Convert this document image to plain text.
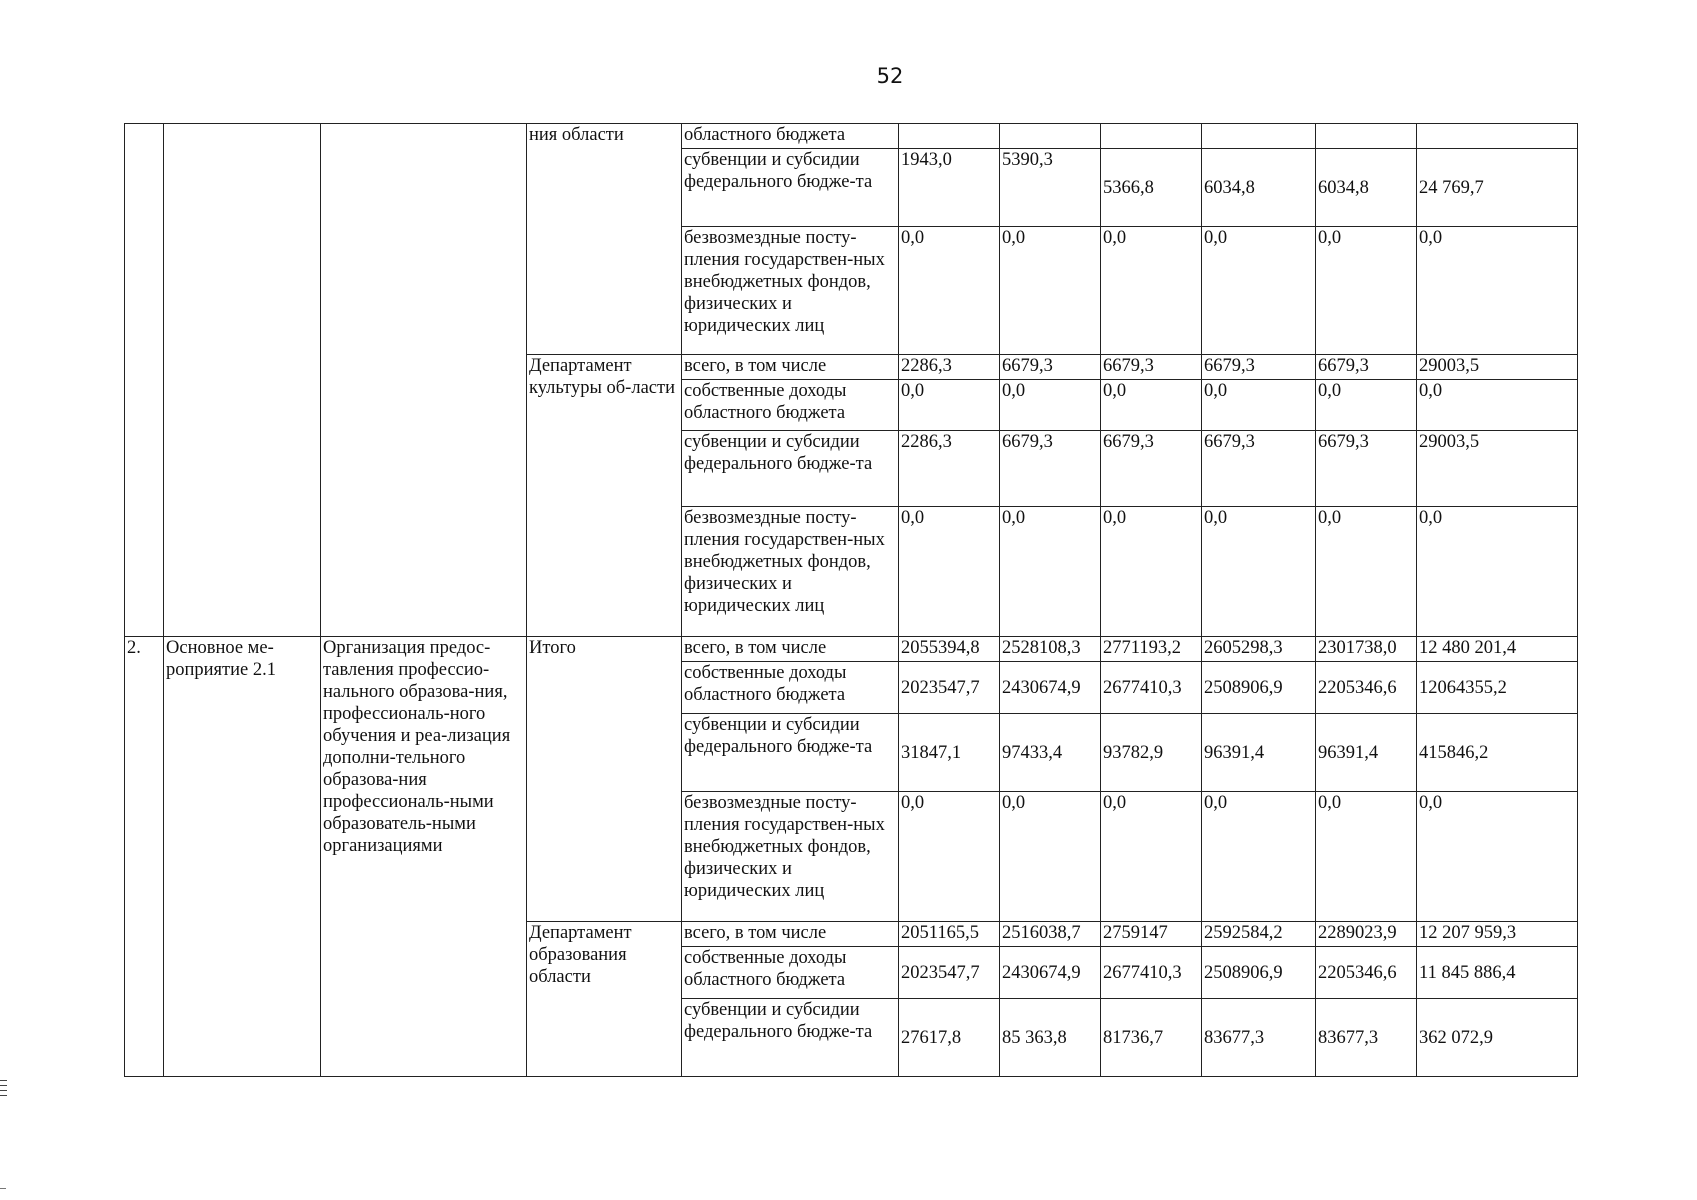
52
			ния области	областного бюджета						
				субвенции и субсидии федерального бюдже-та	1943,0	5390,3	5366,8	6034,8	6034,8	24 769,7
				безвозмездные посту-пления государствен-ных внебюджетных фондов, физических и юридических лиц	0,0	0,0	0,0	0,0	0,0	0,0
			Департамент культуры об-ласти	всего, в том числе	2286,3	6679,3	6679,3	6679,3	6679,3	29003,5
				собственные доходы областного бюджета	0,0	0,0	0,0	0,0	0,0	0,0
				субвенции и субсидии федерального бюдже-та	2286,3	6679,3	6679,3	6679,3	6679,3	29003,5
				безвозмездные посту-пления государствен-ных внебюджетных фондов, физических и юридических лиц	0,0	0,0	0,0	0,0	0,0	0,0
2.	Основное ме-роприятие 2.1	Организация предос-тавления профессио-нального образова-ния, профессиональ-ного обучения и реа-лизация дополни-тельного образова-ния профессиональ-ными образователь-ными организациями	Итого	всего, в том числе	2055394,8	2528108,3	2771193,2	2605298,3	2301738,0	12 480 201,4
				собственные доходы областного бюджета	2023547,7	2430674,9	2677410,3	2508906,9	2205346,6	12064355,2
				субвенции и субсидии федерального бюдже-та	31847,1	97433,4	93782,9	96391,4	96391,4	415846,2
				безвозмездные посту-пления государствен-ных внебюджетных фондов, физических и юридических лиц	0,0	0,0	0,0	0,0	0,0	0,0
			Департамент образования области	всего, в том числе	2051165,5	2516038,7	2759147	2592584,2	2289023,9	12 207 959,3
				собственные доходы областного бюджета	2023547,7	2430674,9	2677410,3	2508906,9	2205346,6	11 845 886,4
				субвенции и субсидии федерального бюдже-та	27617,8	85 363,8	81736,7	83677,3	83677,3	362 072,9
